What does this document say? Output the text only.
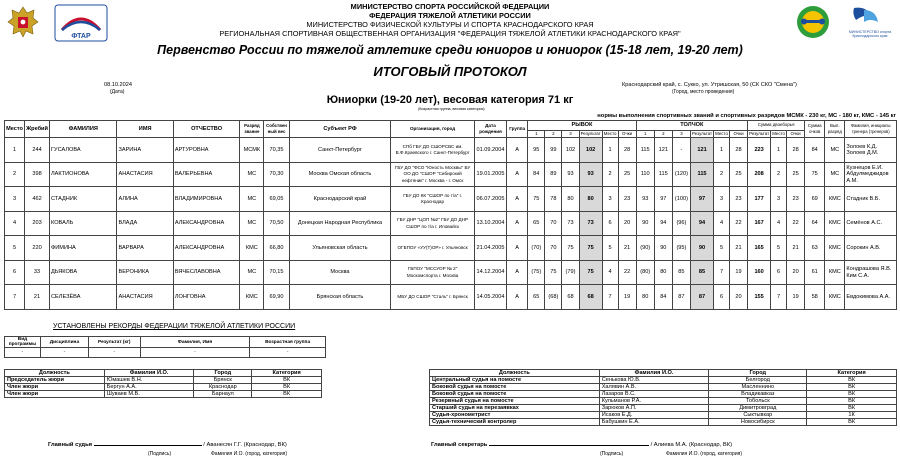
МИНИСТЕРСТВО СПОРТА РОССИЙСКОЙ ФЕДЕРАЦИИ
ФЕДЕРАЦИЯ ТЯЖЕЛОЙ АТЛЕТИКИ РОССИИ
МИНИСТЕРСТВО ФИЗИЧЕСКОЙ КУЛЬТУРЫ И СПОРТА КРАСНОДАРСКОГО КРАЯ
РЕГИОНАЛЬНАЯ СПОРТИВНАЯ ОБЩЕСТВЕННАЯ ОРГАНИЗАЦИЯ "ФЕДЕРАЦИЯ ТЯЖЕЛОЙ АТЛЕТИКИ КРАСНОДАРСКОГО КРАЯ"
ФТАР
МИНИСТЕРСТВО спорта Краснодарского края
Первенство России по тяжелой атлетике среди юниоров и юниорок (15-18 лет, 19-20 лет)
ИТОГОВЫЙ ПРОТОКОЛ
08.10.2024
(Дата)
Краснодарский край, с. Сукко, ул. Утришская, 50 (СК СКО "Смена")
(Город, место проведения)
Юниорки (19-20 лет), весовая категория 71 кг
(Возрастная группа, весовая категория)
нормы выполнения спортивных званий и спортивных разрядов МСМК - 230 кг, МС - 180 кг, КМС - 145 кг
Место	Жребий	ФАМИЛИЯ	ИМЯ	ОТЧЕСТВО	Разряд звание	Собствен ный вес	Субъект РФ	Организация, город	Дата рождения	Группа	РЫВОК						ТОЛЧОК						Сумма двоеборья			Сумма очков	Вып. разряд	Фамилия, инициалы тренера (тренеров)
											1	2	3	Результат	Место	Очки	1	2	3	Результат	Место	Очки	Результат	Место	Очки			
1	244	ГУСАЛОВА	ЗАРИНА	АРТУРОВНА	МСМК	70,35	Санкт-Петербург	СПб ГБУ ДО СШОРСВС им. В.Ф.Краевского г. Санкт-Петербург	01.09.2004	А	95	99	102	102	1	28	115	121	-	121	1	28	223	1	28	84	МС	Золоев К.Д. Золоев Д.М.
2	398	ЛАКТИОНОВА	АНАСТАСИЯ	ВАЛЕРЬЕВНА	МС	70,30	Москва Омская область	ГБУ ДО "ФСО "Юность Москвы" БУ ОО ДО "СШОР "Сибирский нефтяник" г. Москва - г. Омск	19.01.2005	А	84	89	93	93	2	25	110	115	(120)	115	2	25	208	2	25	75	МС	Кузнецов Е.И. Абдулмеджидов А.М.
3	462	СТАДНИК	АЛИНА	ВЛАДИМИРОВНА	МС	69,05	Краснодарский край	ГБУ ДО КК "СШОР по т/а" г. Краснодар	06.07.2005	А	75	78	80	80	3	23	93	97	(100)	97	3	23	177	3	23	69	КМС	Стадник В.Б.
4	203	КОВАЛЬ	ВЛАДА	АЛЕКСАНДРОВНА	МС	70,50	Донецкая Народная Республика	ГБУ ДНР "ЦОП №2" ГБУ ДО ДНР СШОР по т/а г. Иловайск	13.10.2004	А	65	70	73	73	6	20	90	94	(96)	94	4	22	167	4	22	64	КМС	Семёнов А.С.
5	220	ФИМИНА	ВАРВАРА	АЛЕКСАНДРОВНА	КМС	66,80	Ульяновская область	ОГБПОУ «УУ(Т)ОР» г. Ульяновск	21.04.2005	А	(70)	70	75	75	5	21	(90)	90	(95)	90	5	21	165	5	21	63	КМС	Сорокин А.В.
6	33	ДЬЯКОВА	ВЕРОНИКА	ВЯЧЕСЛАВОВНА	МС	70,15	Москва	ГБПОУ "МССУОР № 2" Москомспорта г. Москва	14.12.2004	А	(75)	75	(79)	75	4	22	(80)	80	85	85	7	19	160	6	20	61	КМС	Кондрашова Я.В. Ким С.А.
7	21	СЕЛЕЗЁВА	АНАСТАСИЯ	ЛОНГОВНА	КМС	69,90	Брянская область	МБУ ДО СШОР "Сталь" г. Брянск	14.05.2004	А	65	(68)	68	68	7	19	80	84	87	87	6	20	155	7	19	58	КМС	Евдокимова А.А.
УСТАНОВЛЕНЫ РЕКОРДЫ ФЕДЕРАЦИИ ТЯЖЕЛОЙ АТЛЕТИКИ РОССИИ
Вид программы	Дисциплина	Результат (кг)	Фамилия, Имя	Возрастная группа
-	-	-	-	-
Должность	Фамилия И.О.	Город	Категория
Председатель жюри	Юмашев В.Н.	Брянск	ВК
Член жюри	Бергун А.А.	Краснодар	ВК
Член жюри	Шуваев М.В.	Барнаул	ВК
Должность	Фамилия И.О.	Город	Категория
Центральный судья на помосте	Сенькова Ю.В.	Белгород	ВК
Боковой судья на помосте	Халявин А.В.	Масленнино	ВК
Боковой судья на помосте	Лазаров В.С.	Владикавказ	ВК
Резервный судья на помосте	Кульманов Р.А.	Тобольск	ВК
Старший судья на перезаявках	Зарюков А.П.	Димитровград	ВК
Судья-хронометрист	Исаков Е.Д.	Сыктывкар	1К
Судья-технический контролер	Бабушкин Е.А.	Новосибирск	ВК
Главный судья	/ Аванесян Г.Г. (Краснодар, ВК)
(Подпись)	Фамилия И.О. (город, категория)
Главный секретарь	/ Алиева М.А. (Краснодар, ВК)
(Подпись)	Фамилия И.О. (город, категория)
